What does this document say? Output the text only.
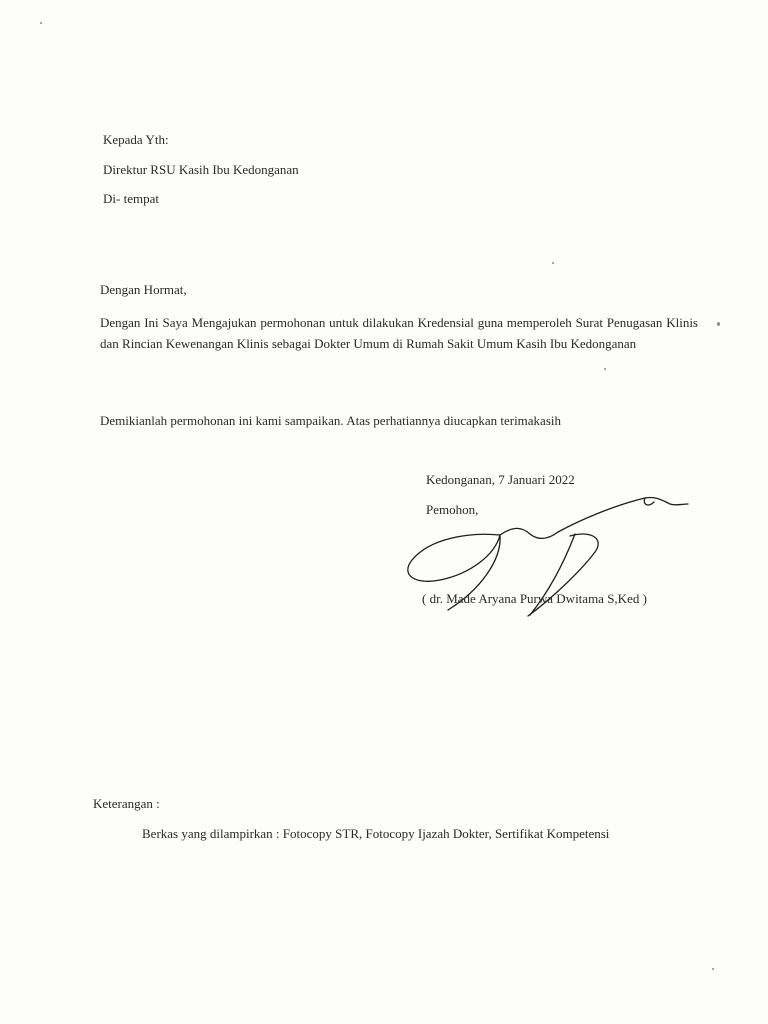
Kepada Yth:
Direktur RSU Kasih Ibu Kedonganan
Di- tempat
Dengan Hormat,
Dengan Ini Saya Mengajukan permohonan untuk dilakukan Kredensial guna memperoleh Surat Penugasan Klinis dan Rincian Kewenangan Klinis sebagai Dokter Umum di Rumah Sakit Umum Kasih Ibu Kedonganan
Demikianlah permohonan ini kami sampaikan. Atas perhatiannya diucapkan terimakasih
Kedonganan, 7 Januari 2022
Pemohon,
( dr. Made Aryana Purwa Dwitama S,Ked )
Keterangan :
Berkas yang dilampirkan : Fotocopy STR, Fotocopy Ijazah Dokter, Sertifikat Kompetensi
